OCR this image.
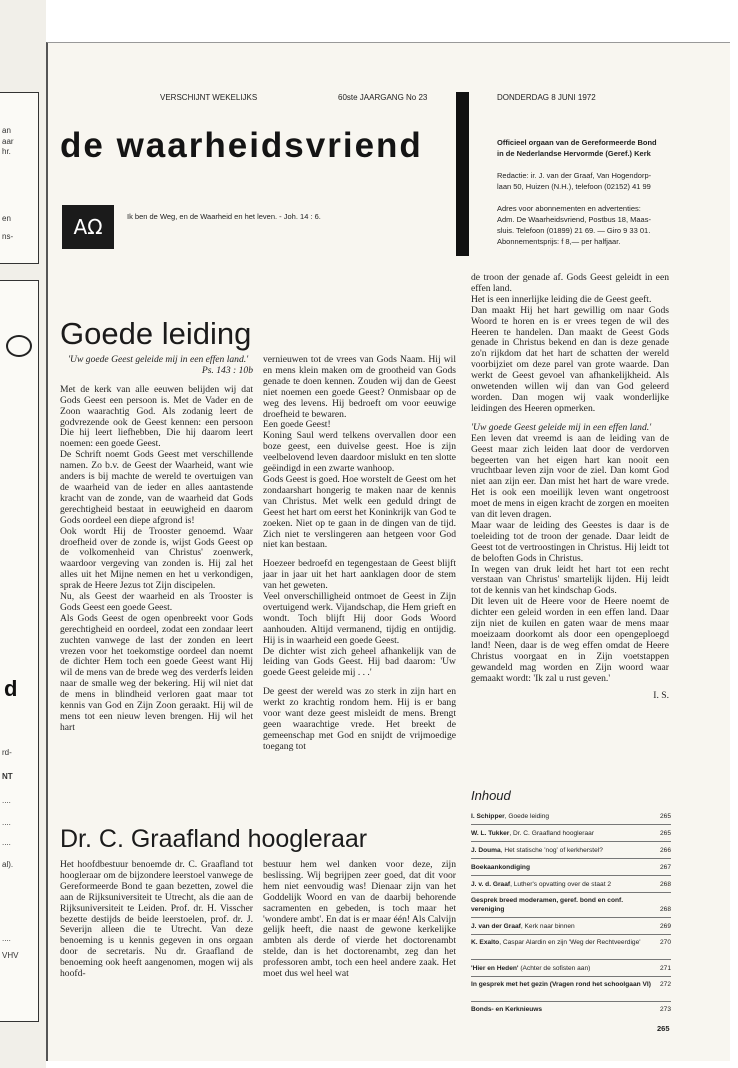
an
aar
hr.
en
ns-
d
rd-
NT
....
....
....
al).
....
VHV
VERSCHIJNT WEKELIJKS	60ste JAARGANG No 23	DONDERDAG 8 JUNI 1972
de waarheidsvriend
ΑΩ	Ik ben de Weg, en de Waarheid en het leven. - Joh. 14 : 6.

Officieel orgaan van de Gereformeerde Bond

in de Nederlandse Hervormde (Geref.) Kerk

Redactie: ir. J. van der Graaf, Van Hogendorp-

laan 50, Huizen (N.H.), telefoon (02152) 41 99

Adres voor abonnementen en advertenties:

Adm. De Waarheidsvriend, Postbus 18, Maas-

sluis. Telefoon (01899) 21 69. — Giro 9 33 01.

Abonnementsprijs: f 8,— per halfjaar.

Goede leiding

'Uw goede Geest geleide mij in een effen land.'

Ps. 143 : 10b

Met de kerk van alle eeuwen belijden wij dat Gods Geest een persoon is. Met de Vader en de Zoon waarachtig God. Als zodanig leert de godvrezende ook de Geest kennen: een persoon Die hij leert liefhebben, Die hij daarom leert noemen: een goede Geest.

De Schrift noemt Gods Geest met verschillende namen. Zo b.v. de Geest der Waarheid, want wie anders is bij machte de wereld te overtuigen van de waarheid van de ieder en alles aantastende kracht van de zonde, van de waarheid dat Gods gerechtigheid bestaat in eeuwigheid en daarom Gods oordeel een diepe afgrond is!

Ook wordt Hij de Trooster genoemd. Waar droefheid over de zonde is, wijst Gods Geest op de volkomenheid van Christus' zoenwerk, waardoor vergeving van zonden is. Hij zal het alles uit het Mijne nemen en het u verkondigen, sprak de Heere Jezus tot Zijn discipelen.

Nu, als Geest der waarheid en als Trooster is Gods Geest een goede Geest.

Als Gods Geest de ogen openbreekt voor Gods gerechtigheid en oordeel, zodat een zondaar leert zuchten vanwege de last der zonden en leert vrezen voor het toekomstige oordeel dan noemt de dichter Hem toch een goede Geest want Hij wil de mens van de brede weg des verderfs leiden naar de smalle weg der bekering. Hij wil niet dat de mens in blindheid verloren gaat maar tot kennis van God en Zijn Zoon geraakt. Hij wil de mens tot een nieuw leven brengen. Hij wil het hart

vernieuwen tot de vrees van Gods Naam. Hij wil en mens klein maken om de grootheid van Gods genade te doen kennen. Zouden wij dan de Geest niet noemen een goede Geest? Onmisbaar op de weg des levens. Hij bedroeft om voor eeuwige droefheid te bewaren.

Een goede Geest!

Koning Saul werd telkens overvallen door een boze geest, een duivelse geest. Hoe is zijn veelbelovend leven daardoor mislukt en ten slotte geëindigd in een zwarte wanhoop.

Gods Geest is goed. Hoe worstelt de Geest om het zondaarshart hongerig te maken naar de kennis van Christus. Met welk een geduld dringt de Geest het hart om eerst het Koninkrijk van God te zoeken. Niet op te gaan in de dingen van de tijd. Zich niet te verslingeren aan hetgeen voor God niet kan bestaan.

Hoezeer bedroefd en tegengestaan de Geest blijft jaar in jaar uit het hart aanklagen door de stem van het geweten.

Veel onverschilligheid ontmoet de Geest in Zijn overtuigend werk. Vijandschap, die Hem grieft en wondt. Toch blijft Hij door Gods Woord aanhouden. Altijd vermanend, tijdig en ontijdig. Hij is in waarheid een goede Geest.

De dichter wist zich geheel afhankelijk van de leiding van Gods Geest. Hij bad daarom: 'Uw goede Geest geleide mij . . .'

De geest der wereld was zo sterk in zijn hart en werkt zo krachtig rondom hem. Hij is er bang voor want deze geest misleidt de mens. Brengt geen waarachtige vrede. Het breekt de gemeenschap met God en snijdt de vrijmoedige toegang tot

de troon der genade af. Gods Geest geleidt in een effen land.

Het is een innerlijke leiding die de Geest geeft.

Dan maakt Hij het hart gewillig om naar Gods Woord te horen en is er vrees tegen de wil des Heeren te handelen. Dan maakt de Geest Gods genade in Christus bekend en dan is deze genade zo'n rijkdom dat het hart de schatten der wereld voorbijziet om deze parel van grote waarde. Dan werkt de Geest gevoel van afhankelijkheid. Als onwetenden willen wij dan van God geleerd worden. Dan mogen wij vaak wonderlijke leidingen des Heeren opmerken.

'Uw goede Geest geleide mij in een effen land.'

Een leven dat vreemd is aan de leiding van de Geest maar zich leiden laat door de verdorven begeerten van het eigen hart kan nooit een vruchtbaar leven zijn voor de ziel. Dan komt God niet aan zijn eer. Dan mist het hart de ware vrede. Het is ook een moeilijk leven want ongetroost moet de mens in eigen kracht de zorgen en moeiten van dit leven dragen.

Maar waar de leiding des Geestes is daar is de toeleiding tot de troon der genade. Daar leidt de Geest tot de vertroostingen in Christus. Hij leidt tot de beloften Gods in Christus.

In wegen van druk leidt het hart tot een recht verstaan van Christus' smartelijk lijden. Hij leidt tot de kennis van het kindschap Gods.

Dit leven uit de Heere voor de Heere noemt de dichter een geleid worden in een effen land. Daar zijn niet de kuilen en gaten waar de mens maar moeizaam doorkomt als door een opengeploegd land! Neen, daar is de weg effen omdat de Heere Christus voorgaat en in Zijn voetstappen gewandeld mag worden en Zijn woord waar gemaakt wordt: 'Ik zal u rust geven.'

I. S.

Dr. C. Graafland hoogleraar

Het hoofdbestuur benoemde dr. C. Graafland tot hoogleraar om de bijzondere leerstoel vanwege de Gereformeerde Bond te gaan bezetten, zowel die aan de Rijksuniversiteit te Utrecht, als die aan de Rijksuniversiteit te Leiden. Prof. dr. H. Visscher bezette destijds de beide leerstoelen, prof. dr. J. Severijn alleen die te Utrecht. Van deze benoeming is u kennis gegeven in ons orgaan door de secretaris. Nu dr. Graafland de benoeming ook heeft aangenomen, mogen wij als hoofd-

bestuur hem wel danken voor deze, zijn beslissing. Wij begrijpen zeer goed, dat dit voor hem niet eenvoudig was! Dienaar zijn van het Goddelijk Woord en van de daarbij behorende sacramenten en gebeden, is toch maar het 'wondere ambt'. En dat is er maar één! Als Calvijn gelijk heeft, die naast de gewone kerkelijke ambten als derde of vierde het doctorenambt stelde, dan is het doctorenambt, zeg dan het professoren ambt, toch een heel andere zaak. Het moet dus wel heel wat

Inhoud
I. Schipper, Goede leiding	265
W. L. Tukker, Dr. C. Graafland hoogleraar	265
J. Douma, Het statische 'nog' of kerkherstel?	266
Boekaankondiging	267
J. v. d. Graaf, Luther's opvatting over de staat 2	268
Gesprek breed moderamen, geref. bond en conf. vereniging	268
J. van der Graaf, Kerk naar binnen	269
K. Exalto, Caspar Alardin en zijn 'Weg der Rechtveerdige'	270
'Hier en Heden' (Achter de sofisten aan)	271
In gesprek met het gezin (Vragen rond het schoolgaan VI)	272
Bonds- en Kerknieuws	273
265
